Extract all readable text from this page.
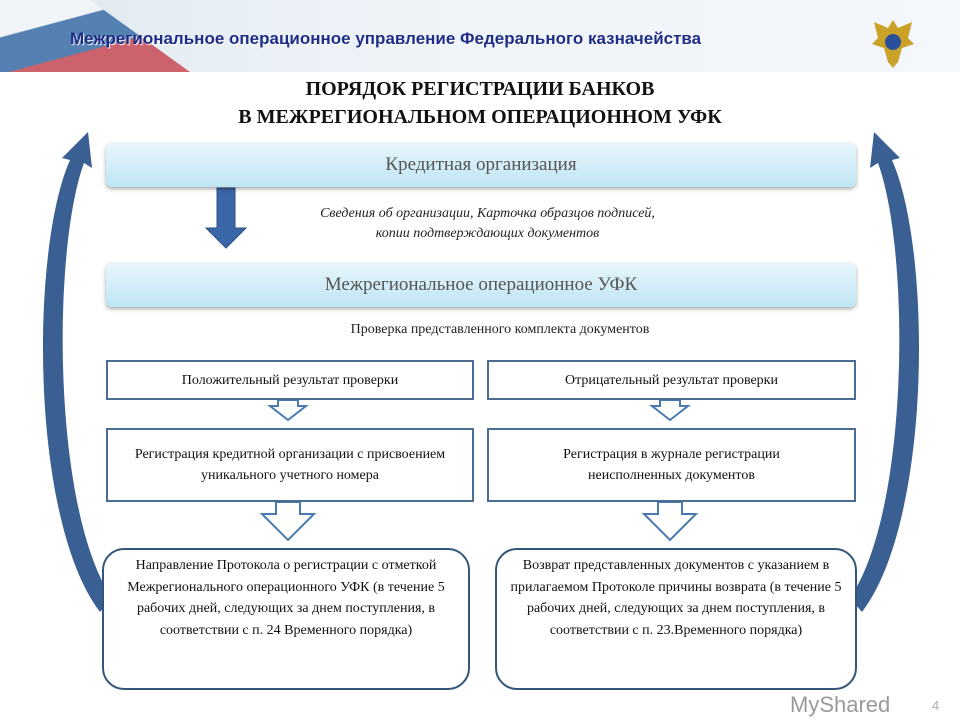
Межрегиональное операционное управление Федерального казначейства
ПОРЯДОК РЕГИСТРАЦИИ БАНКОВ
В МЕЖРЕГИОНАЛЬНОМ ОПЕРАЦИОННОМ УФК
Кредитная организация
Сведения об организации, Карточка образцов подписей,
копии подтверждающих документов
Межрегиональное операционное УФК
Проверка представленного комплекта документов
Положительный результат проверки	Отрицательный результат проверки
Регистрация кредитной организации с присвоением уникального учетного номера
Регистрация в журнале регистрации неисполненных документов
Направление Протокола о регистрации с отметкой Межрегионального операционного УФК (в течение 5 рабочих дней, следующих за днем поступления, в соответствии с п. 24 Временного порядка)
Возврат представленных документов с указанием в прилагаемом Протоколе причины возврата (в течение 5 рабочих дней, следующих за днем поступления, в соответствии с п. 23.Временного порядка)
MyShared	4
